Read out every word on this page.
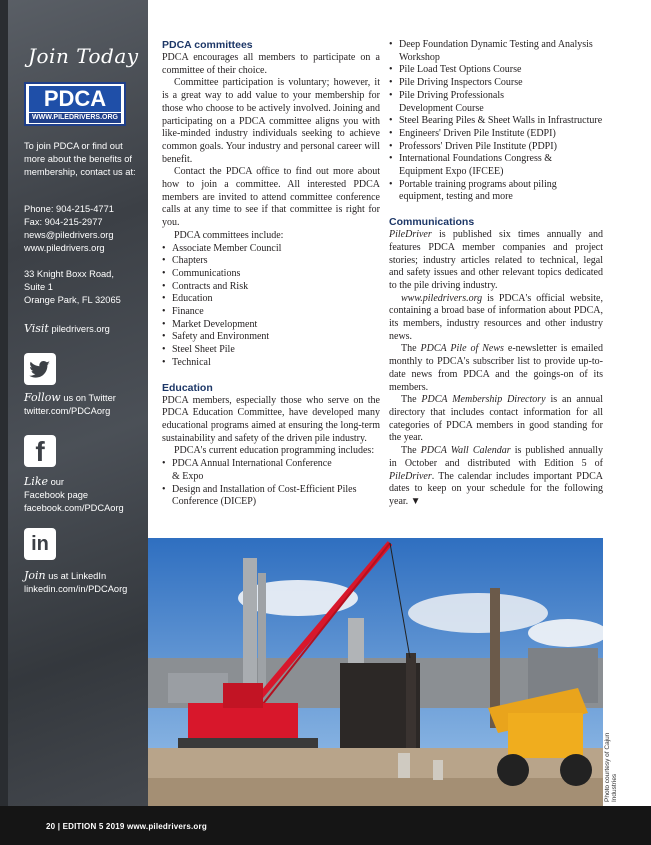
Join Today
PDCA
WWW.PILEDRIVERS.ORG
To join PDCA or find out more about the benefits of membership, contact us at:
Phone: 904-215-4771
Fax: 904-215-2977
news@piledrivers.org
www.piledrivers.org
33 Knight Boxx Road,
Suite 1
Orange Park, FL 32065
Visit piledrivers.org
Follow us on Twitter
twitter.com/PDCAorg
f
Like our
Facebook page
facebook.com/PDCAorg
in
Join us at LinkedIn
linkedin.com/in/PDCAorg
PDCA committees

PDCA encourages all members to participate on a committee of their choice.

Committee participation is voluntary; however, it is a great way to add value to your membership for those who choose to be actively involved. Joining and participating on a PDCA committee aligns you with like-minded industry individuals seeking to achieve common goals. Your industry and personal career will benefit.

Contact the PDCA office to find out more about how to join a committee. All interested PDCA members are invited to attend committee conference calls at any time to see if that committee is right for you.

PDCA committees include:

• Associate Member Council
• Chapters
• Communications
• Contracts and Risk
• Education
• Finance
• Market Development
• Safety and Environment
• Steel Sheet Pile
• Technical
Education

PDCA members, especially those who serve on the PDCA Education Committee, have developed many educational programs aimed at ensuring the long-term sustainability and safety of the driven pile industry.

PDCA's current education programming includes:

• PDCA Annual International Conference
& Expo
• Design and Installation of Cost-Efficient Piles
Conference (DICEP)
• Deep Foundation Dynamic Testing and Analysis
Workshop
• Pile Load Test Options Course
• Pile Driving Inspectors Course
• Pile Driving Professionals
Development Course
• Steel Bearing Piles & Sheet Walls in Infrastructure
• Engineers' Driven Pile Institute (EDPI)
• Professors' Driven Pile Institute (PDPI)
• International Foundations Congress &
Equipment Expo (IFCEE)
• Portable training programs about piling
equipment, testing and more
Communications

PileDriver is published six times annually and features PDCA member companies and project stories; industry articles related to technical, legal and safety issues and other relevant topics dedicated to the pile driving industry.

www.piledrivers.org is PDCA's official website, containing a broad base of information about PDCA, its members, industry resources and other industry news.

The PDCA Pile of News e-newsletter is emailed monthly to PDCA's subscriber list to provide up-to-date news from PDCA and the goings-on of its members.

The PDCA Membership Directory is an annual directory that includes contact information for all categories of PDCA members in good standing for the year.

The PDCA Wall Calendar is published annually in October and distributed with Edition 5 of PileDriver. The calendar includes important PDCA dates to keep on your schedule for the following year. ▼

Photo courtesy of Cajun Industries
20 | EDITION 5 2019 www.piledrivers.org
